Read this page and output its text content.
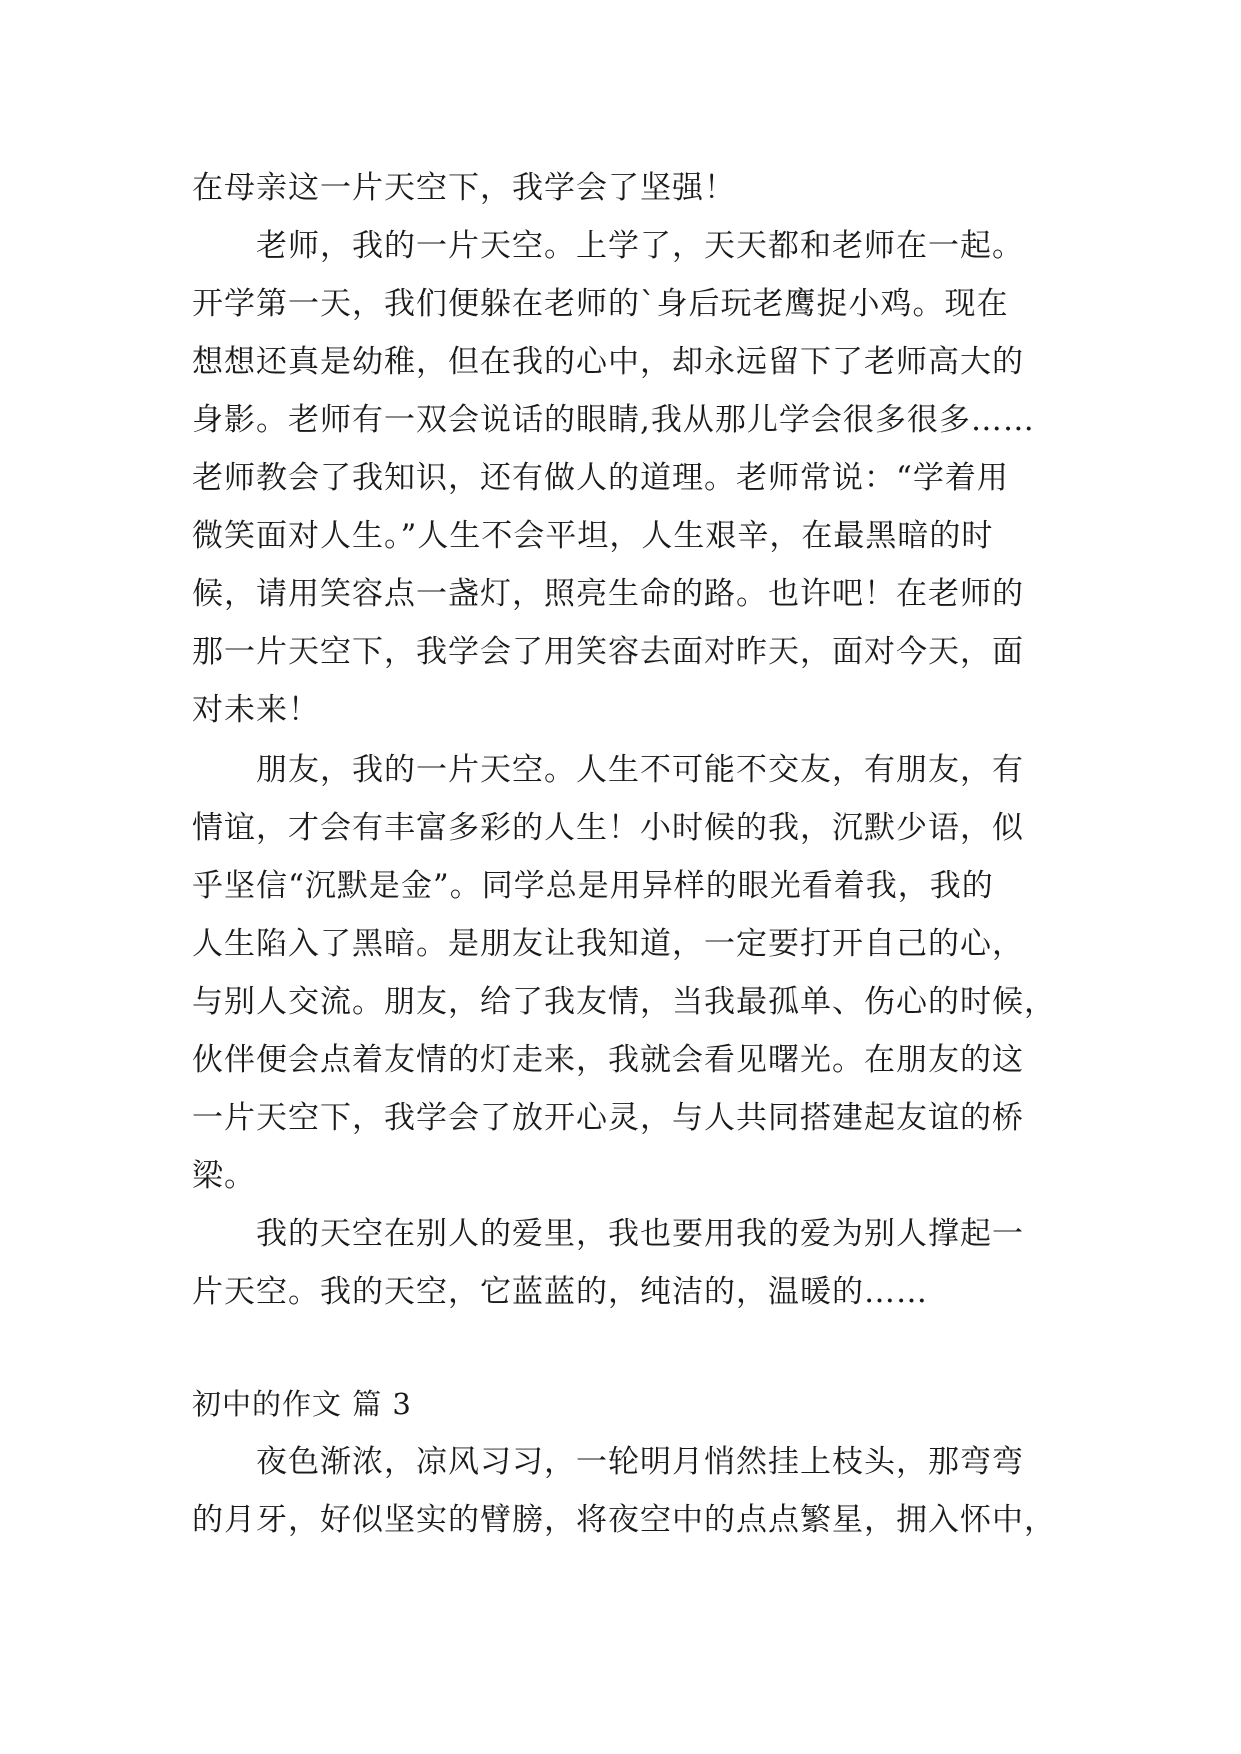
在母亲这一片天空下，我学会了坚强！
老师，我的一片天空。上学了，天天都和老师在一起。
开学第一天，我们便躲在老师的`身后玩老鹰捉小鸡。现在
想想还真是幼稚，但在我的心中，却永远留下了老师高大的
身影。老师有一双会说话的眼睛,我从那儿学会很多很多……
老师教会了我知识，还有做人的道理。老师常说：“学着用
微笑面对人生。”人生不会平坦，人生艰辛，在最黑暗的时
候，请用笑容点一盏灯，照亮生命的路。也许吧！在老师的
那一片天空下，我学会了用笑容去面对昨天，面对今天，面
对未来！
朋友，我的一片天空。人生不可能不交友，有朋友，有
情谊，才会有丰富多彩的人生！小时候的我，沉默少语，似
乎坚信“沉默是金”。同学总是用异样的眼光看着我，我的
人生陷入了黑暗。是朋友让我知道，一定要打开自己的心，
与别人交流。朋友，给了我友情，当我最孤单、伤心的时候，
伙伴便会点着友情的灯走来，我就会看见曙光。在朋友的这
一片天空下，我学会了放开心灵，与人共同搭建起友谊的桥
梁。
我的天空在别人的爱里，我也要用我的爱为别人撑起一
片天空。我的天空，它蓝蓝的，纯洁的，温暖的……
初中的作文 篇 3
夜色渐浓，凉风习习，一轮明月悄然挂上枝头，那弯弯
的月牙，好似坚实的臂膀，将夜空中的点点繁星，拥入怀中，
